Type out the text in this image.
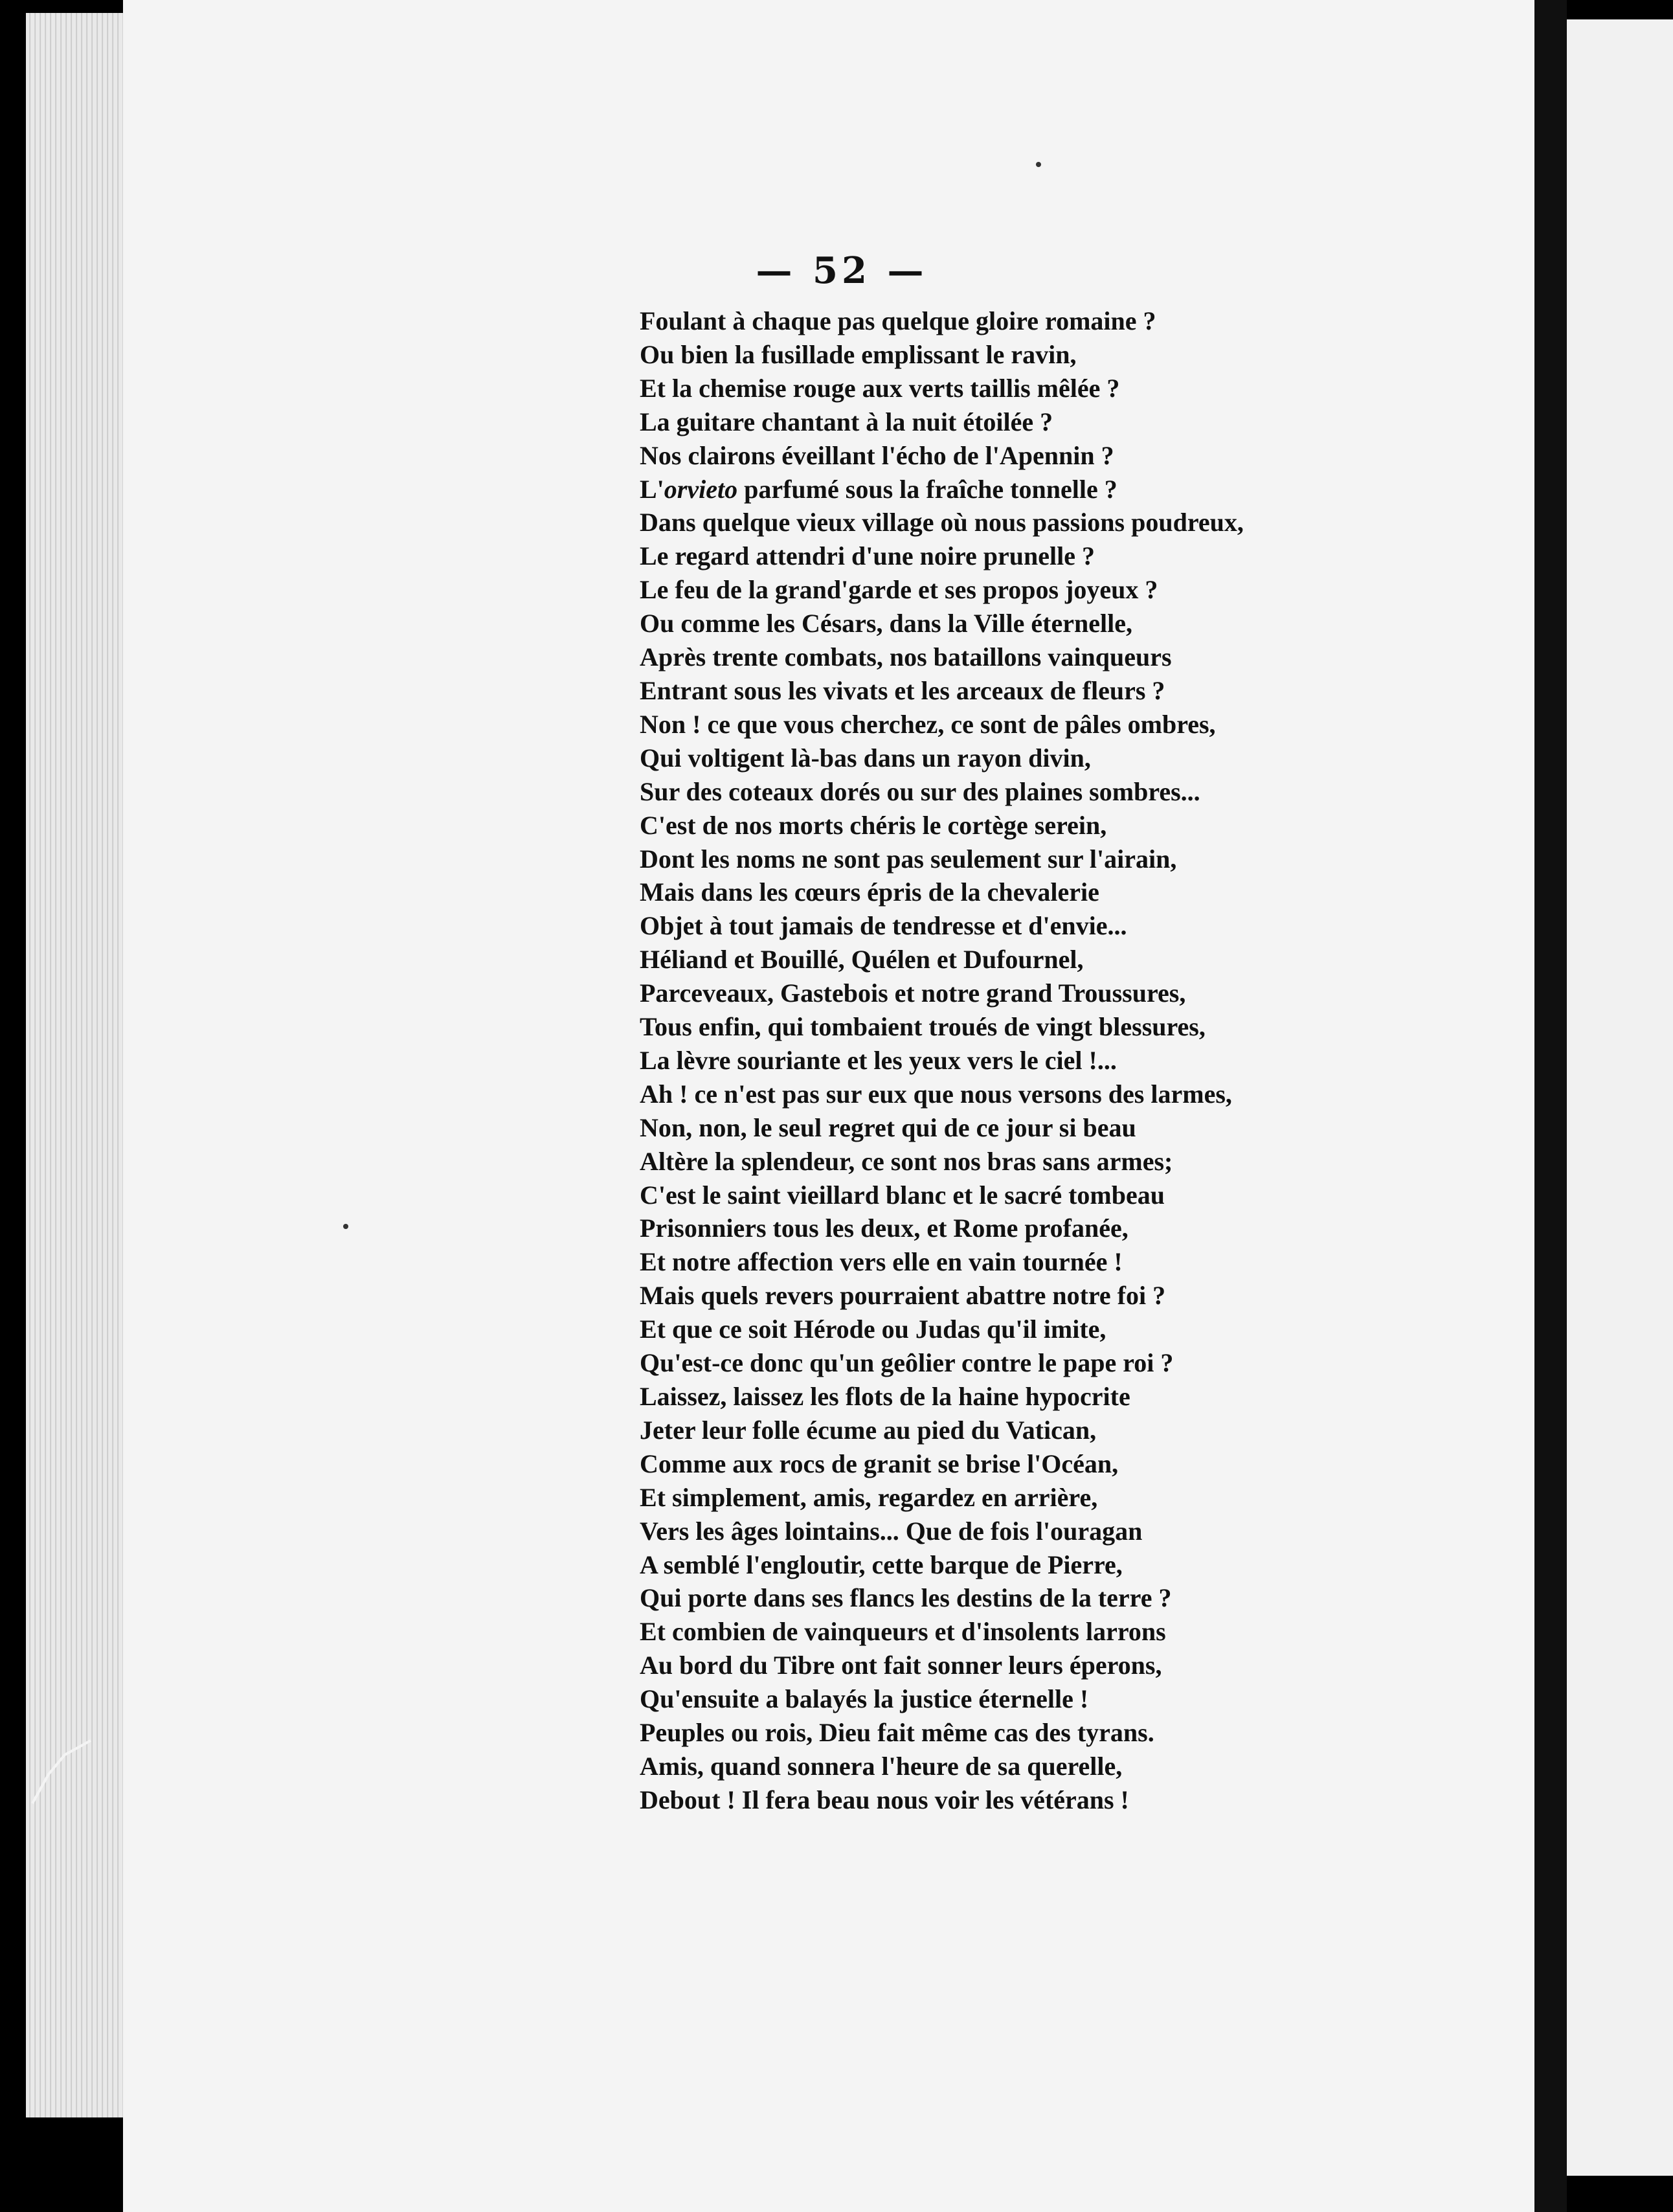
— 52 —
Foulant à chaque pas quelque gloire romaine ?
Ou bien la fusillade emplissant le ravin,
Et la chemise rouge aux verts taillis mêlée ?
La guitare chantant à la nuit étoilée ?
Nos clairons éveillant l'écho de l'Apennin ?
L'orvieto parfumé sous la fraîche tonnelle ?
Dans quelque vieux village où nous passions poudreux,
Le regard attendri d'une noire prunelle ?
Le feu de la grand'garde et ses propos joyeux ?
Ou comme les Césars, dans la Ville éternelle,
Après trente combats, nos bataillons vainqueurs
Entrant sous les vivats et les arceaux de fleurs ?
Non ! ce que vous cherchez, ce sont de pâles ombres,
Qui voltigent là-bas dans un rayon divin,
Sur des coteaux dorés ou sur des plaines sombres...
C'est de nos morts chéris le cortège serein,
Dont les noms ne sont pas seulement sur l'airain,
Mais dans les cœurs épris de la chevalerie
Objet à tout jamais de tendresse et d'envie...
Héliand et Bouillé, Quélen et Dufournel,
Parceveaux, Gastebois et notre grand Troussures,
Tous enfin, qui tombaient troués de vingt blessures,
La lèvre souriante et les yeux vers le ciel !...
Ah ! ce n'est pas sur eux que nous versons des larmes,
Non, non, le seul regret qui de ce jour si beau
Altère la splendeur, ce sont nos bras sans armes;
C'est le saint vieillard blanc et le sacré tombeau
Prisonniers tous les deux, et Rome profanée,
Et notre affection vers elle en vain tournée !
Mais quels revers pourraient abattre notre foi ?
Et que ce soit Hérode ou Judas qu'il imite,
Qu'est-ce donc qu'un geôlier contre le pape roi ?
Laissez, laissez les flots de la haine hypocrite
Jeter leur folle écume au pied du Vatican,
Comme aux rocs de granit se brise l'Océan,
Et simplement, amis, regardez en arrière,
Vers les âges lointains... Que de fois l'ouragan
A semblé l'engloutir, cette barque de Pierre,
Qui porte dans ses flancs les destins de la terre ?
Et combien de vainqueurs et d'insolents larrons
Au bord du Tibre ont fait sonner leurs éperons,
Qu'ensuite a balayés la justice éternelle !
Peuples ou rois, Dieu fait même cas des tyrans.
Amis, quand sonnera l'heure de sa querelle,
Debout ! Il fera beau nous voir les vétérans !
